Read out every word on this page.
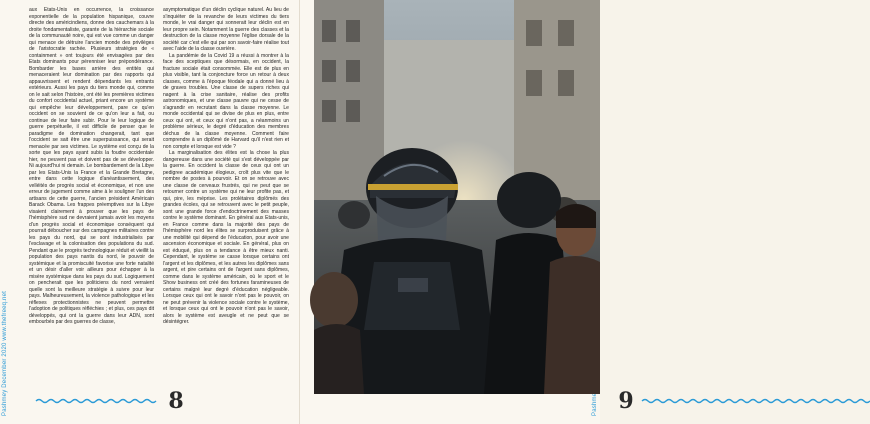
Pashmey December 2020 www.thefreeq.net

aux Etats-Unis en occurrence, la croissance exponentielle de la population hispanique, couvre directe des américindiens, donne des cauchemars à la droite fondamentaliste, garante de la hiérarchie sociale de la communauté noire, qui est vue comme un danger qui menace de détruire l'ancien monde des privilèges de l'aristocratie rachée. Plusieurs stratégies de « containment » ont toujours été envisagées par des Etats dominants pour pérenniser leur prépondérance. Bombarder les bases arrière des entités qui menaceraient leur domination par des rapports qui appauvrissent et rendent dépendants les entrants extérieurs. Aussi les pays du tiers monde qui, comme on le sait selon l'histoire, ont été les premières victimes du confort occidental actuel, priant encore un système qui empêche leur développement, pare ce qu'en occident on se souvient de ce qu'on leur a fait, ou continue de leur faire subir. Pour le leur logique de guerre perpétuelle, il est difficile de penser que le paradigme de domination changerait, tant que l'occident se sait être une superpuissance, qui serait menacée par ses victimes. Le système est conçu de la sorte que les pays ayant subis la foudre occidentale hier, ne peuvent pas et doivent pas de se développer. Ni aujourd'hui ni demain. Le bombardement de la Libye par les Etats-Unis la France et la Grande Bretagne, entre dans cette logique d'anéantissement, des velléités de progrès social et économique, et non une erreur de jugement comme aime à le souligner l'un des artisans de cette guerre, l'ancien président Américain Barack Obama. Les frappes préemptives sur la Libye visaient clairement à prouver que les pays de l'hémisphère sud ne devraient jamais avoir les moyens d'un progrès social et économique conséquent qui pourrait déboucher sur des campagnes militaires contre les pays du nord, qui se sont industrialisés par l'esclavage et la colonisation des populations du sud. Pendant que le progrès technologique réduit et vieillit la population des pays nantis du nord, le pouvoir de systémique et la promiscuité favorise une forte natalité et un désir d'aller voir ailleurs pour échapper à la misère systémique dans les pays du sud. Logiquement on pencherait que les politiciens du nord verraient quelle sont la meilleure stratégie à suivre pour leur pays. Malheureusement, la violence pathologique et les réflexes protectionnistes ne peuvent permettre l'adoption de politiques réfléchies ; et plus, ces pays dit développés, qui ont la guerre dans leur ADN, sont embourbés par des guerres de classe,

asymptomatique d'un déclin cyclique naturel. Au lieu de s'inquiéter de la revanche de leurs victimes du tiers monde, le vrai danger qui sonnerait leur déclin est en leur propre sein. Notamment la guerre des classes et la destruction de la classe moyenne l'église dorsale de la société car c'est elle qui par son savoir-faire réalise tout avec l'aide de la classe ouvrière.

La pandémie de la Covid 19 a réussi à montrer à la face des sceptiques que désormais, en occident, la fracture sociale était consommée. Elle est de plus en plus visible, tant la conjoncture force un retour à deux classes, comme à l'époque féodale qui a donné lieu à de graves troubles. Une classe de supers riches qui nagent à la crise sanitaire, réalise des profits astronomiques, et une classe pauvre qui ne cesse de s'agrandir en recrutant dans la classe moyenne. Le monde occidental qui se divise de plus en plus, entre ceux qui ont, et ceux qui n'ont pas, a néanmoins un problème sérieux, le degré d'éducation des membres déchus de la classe moyenne. Comment faire comprendre à un diplômé de Harvard qu'il n'est rien et non compte et lorsque est vide ?

La marginalisation des élites est la chose la plus dangereuse dans une société qui s'est développée par la guerre. En occident la classe de ceux qui ont un pedigree académique élogieux, croît plus vite que le nombre de postes à pourvoir. Et on se retrouve avec une classe de cerveaux frustrés, qui ne peut que se retourner contre un système qui ne leur profite pas, et qui, pire, les méprise. Les prolétaires diplômés des grandes écoles, qui se retrouvent avec le petit peuple, sont une grande force d'endoctrinement des masses contre le système dominant. En général aux Etats-unis, en France comme dans la majorité des pays de l'hémisphère nord les élites se surproduisent grâce à une mobilité qui dépend de l'éducation, pour avoir une ascension économique et sociale. En général, plus on est éduqué, plus on a tendance à être mieux nanti. Cependant, le système se casse lorsque certains ont l'argent et les diplômes, et les autres les diplômes sans argent, et pire certains ont de l'argent sans diplômes, comme dans le système américain, où le sport et le Show business ont créé des fortunes faramineuses de certains malgré leur degré d'éducation négligeable. Lorsque ceux qui ont le savoir n'ont pas le pouvoir, on ne peut prévenir la violence sociale contre le système, et lorsque ceux qui ont le pouvoir n'ont pas le savoir, alors le système est aveugle et ne peut que se désintégrer.

8	9
